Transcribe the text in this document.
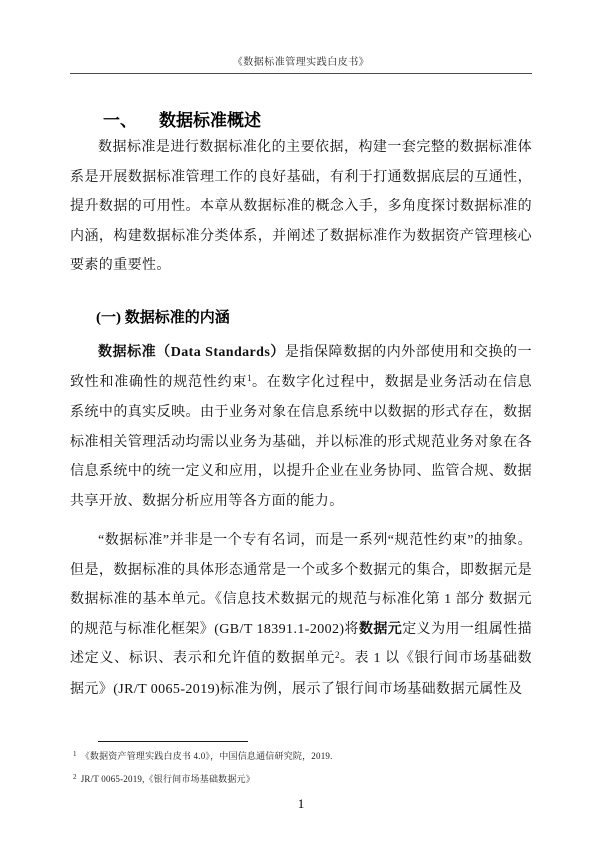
《数据标准管理实践白皮书》
一、 数据标准概述

数据标准是进行数据标准化的主要依据，构建一套完整的数据标准体系是开展数据标准管理工作的良好基础，有利于打通数据底层的互通性，提升数据的可用性。本章从数据标准的概念入手，多角度探讨数据标准的内涵，构建数据标准分类体系，并阐述了数据标准作为数据资产管理核心要素的重要性。

(一) 数据标准的内涵

数据标准（Data Standards）是指保障数据的内外部使用和交换的一致性和准确性的规范性约束$^1$。在数字化过程中，数据是业务活动在信息系统中的真实反映。由于业务对象在信息系统中以数据的形式存在，数据标准相关管理活动均需以业务为基础，并以标准的形式规范业务对象在各信息系统中的统一定义和应用，以提升企业在业务协同、监管合规、数据共享开放、数据分析应用等各方面的能力。

“数据标准”并非是一个专有名词，而是一系列“规范性约束”的抽象。但是，数据标准的具体形态通常是一个或多个数据元的集合，即数据元是数据标准的基本单元。《信息技术数据元的规范与标准化第 1 部分 数据元的规范与标准化框架》(GB/T 18391.1-2002)将数据元定义为用一组属性描述定义、标识、表示和允许值的数据单元$^2$。表 1 以《银行间市场基础数据元》(JR/T 0065-2019)标准为例，展示了银行间市场基础数据元属性及

$^1$ 《数据资产管理实践白皮书 4.0》，中国信息通信研究院，2019.
$^2$ JR/T 0065-2019,《银行间市场基础数据元》
1
